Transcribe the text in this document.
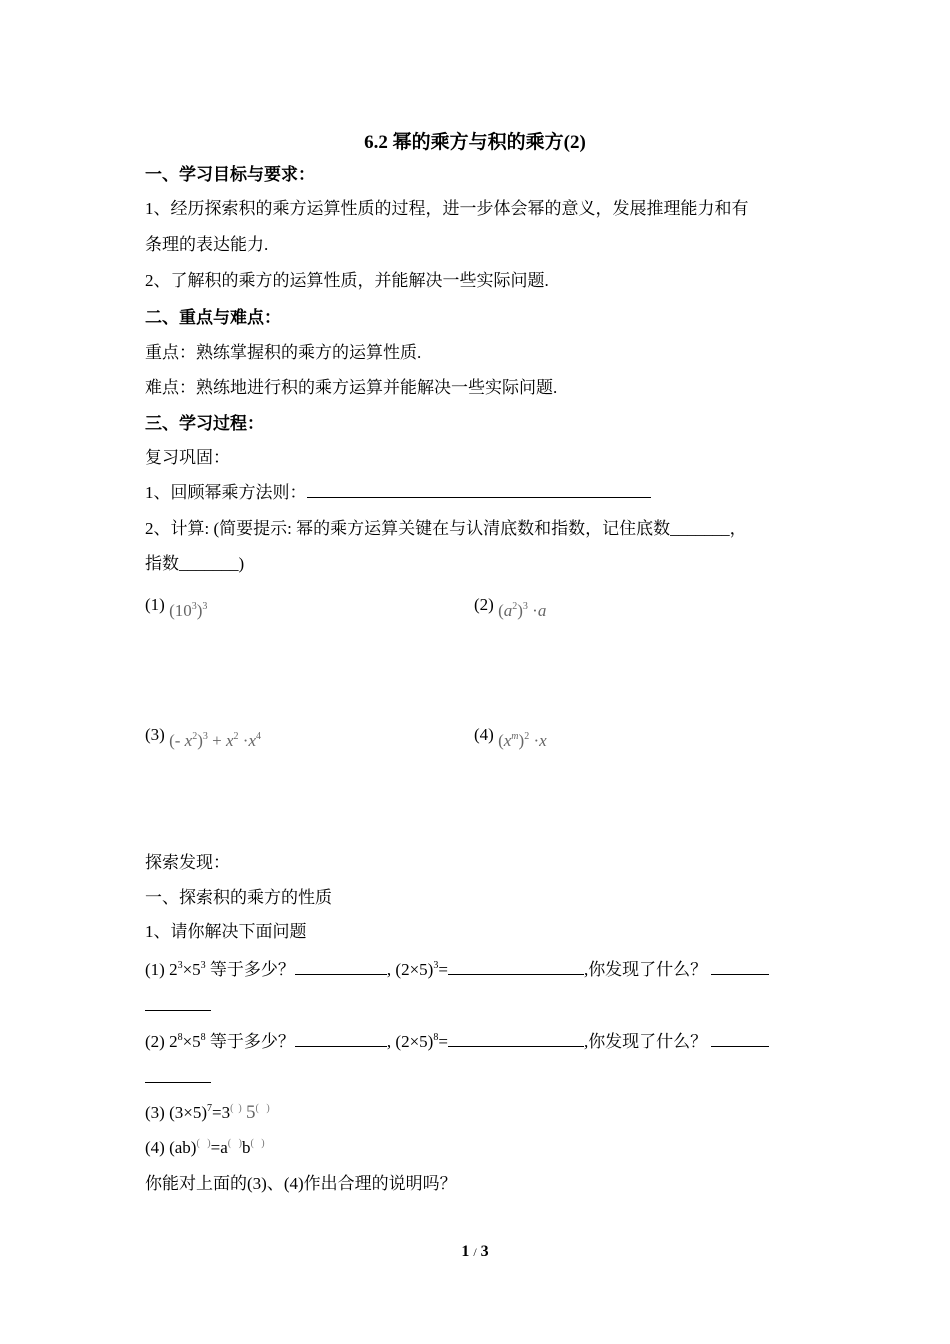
6.2 幂的乘方与积的乘方(2)
一、学习目标与要求：
1、经历探索积的乘方运算性质的过程，进一步体会幂的意义，发展推理能力和有
条理的表达能力.
2、了解积的乘方的运算性质，并能解决一些实际问题.
二、重点与难点：
重点：熟练掌握积的乘方的运算性质.
难点：熟练地进行积的乘方运算并能解决一些实际问题.
三、学习过程：
复习巩固：
1、回顾幂乘方法则：
2、计算: (简要提示: 幂的乘方运算关键在与认清底数和指数，记住底数_______，
指数_______)
(1) $(10^3)^3$	(2) $(a^2)^3 \cdot a$
(3) (- $x^2)^3 + x^2 \cdot x^4$	(4) $(x^m)^2 \cdot x$
探索发现：
一、探索积的乘方的性质
1、请你解决下面问题
(1) $2^3\times 5^3$ 等于多少？	, $(2\times 5)^3=$	,你发现了什么？
(2) $2^8\times 5^8$ 等于多少？	, $(2\times 5)^8=$	,你发现了什么？
(3) $(3\times 5)^7=3^{( )}$ 5(   )
(4) (ab)(   )=a(   )b(   )
你能对上面的(3)、(4)作出合理的说明吗？
1 / 3
